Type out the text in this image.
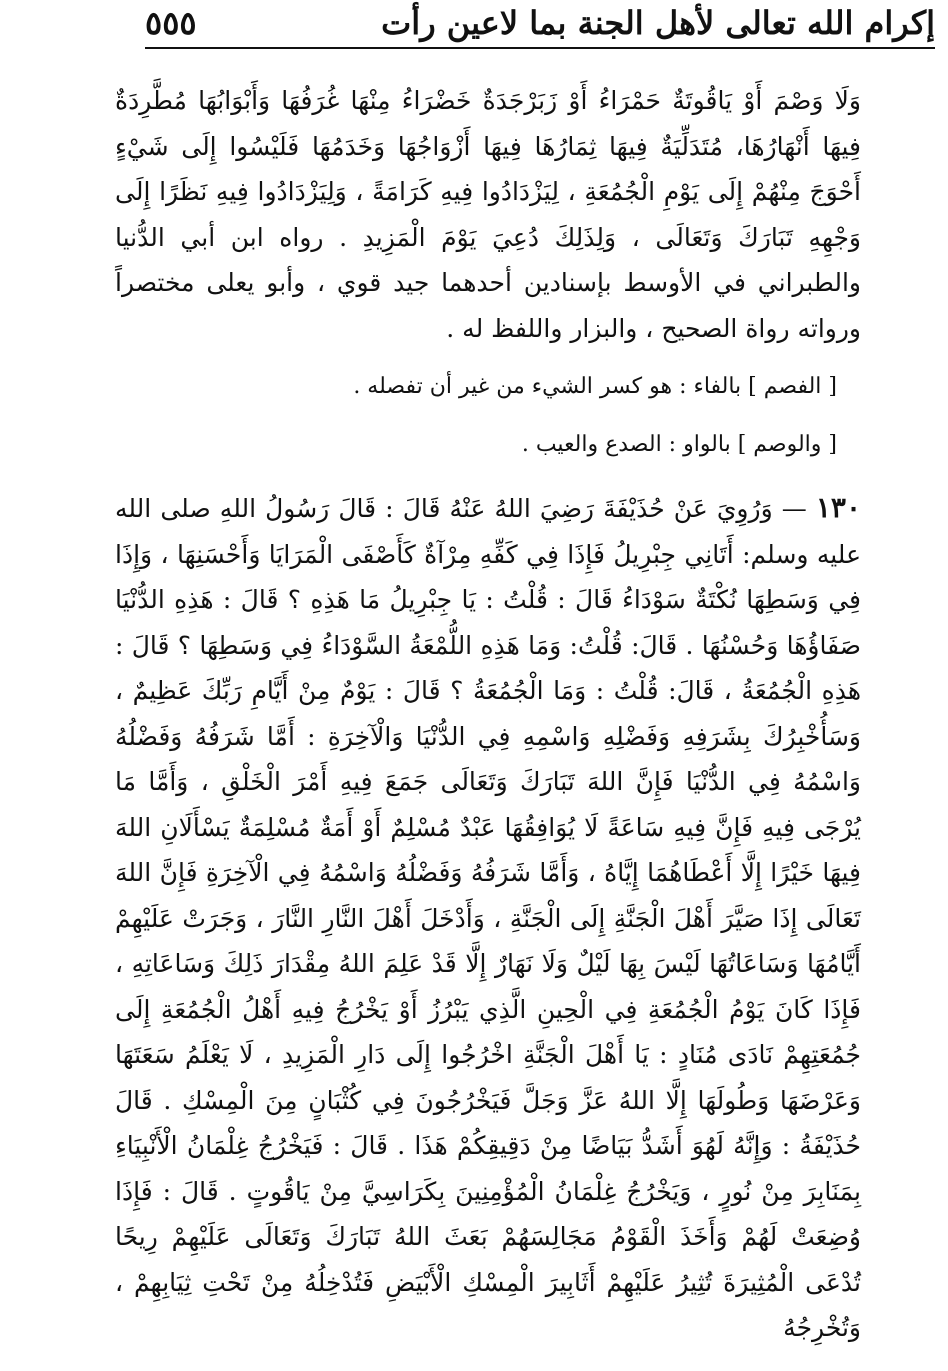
٥٥٥	إكرام الله تعالى لأهل الجنة بما لاعين رأت

وَلَا وَصْمَ أَوْ يَاقُوتَةٌ حَمْرَاءُ أَوْ زَبَرْجَدَةٌ خَضْرَاءُ مِنْهَا غُرَفُهَا وَأَبْوَابُهَا مُطَّرِدَةٌ فِيهَا أَنْهَارُهَا، مُتَدَلِّيَةٌ فِيهَا ثِمَارُهَا فِيهَا أَزْوَاجُهَا وَخَدَمُهَا فَلَيْسُوا إِلَى شَيْءٍ أَحْوَجَ مِنْهُمْ إِلَى يَوْمِ الْجُمُعَةِ ، لِيَزْدَادُوا فِيهِ كَرَامَةً ، وَلِيَزْدَادُوا فِيهِ نَظَرًا إِلَى وَجْهِهِ تَبَارَكَ وَتَعَالَى ، وَلِذَلِكَ دُعِيَ يَوْمَ الْمَزِيدِ . رواه ابن أبي الدُّنيا والطبراني في الأوسط بإسنادين أحدهما جيد قوي ، وأبو يعلى مختصراً ورواته رواة الصحيح ، والبزار واللفظ له .

[ الفصم ] بالفاء : هو كسر الشيء من غير أن تفصله .

[ والوصم ] بالواو : الصدع والعيب .

١٣٠ — وَرُوِيَ عَنْ حُذَيْفَةَ رَضِيَ اللهُ عَنْهُ قَالَ : قَالَ رَسُولُ اللهِ صلى الله عليه وسلم: أَتَانِي جِبْرِيلُ فَإِذَا فِي كَفِّهِ مِرْآةٌ كَأَصْفَى الْمَرَايَا وَأَحْسَنِهَا ، وَإِذَا فِي وَسَطِهَا نُكْتَةٌ سَوْدَاءُ قَالَ : قُلْتُ : يَا جِبْرِيلُ مَا هَذِهِ ؟ قَالَ : هَذِهِ الدُّنْيَا صَفَاؤُهَا وَحُسْنُهَا . قَالَ: قُلْتُ: وَمَا هَذِهِ اللُّمْعَةُ السَّوْدَاءُ فِي وَسَطِهَا ؟ قَالَ : هَذِهِ الْجُمُعَةُ ، قَالَ: قُلْتُ : وَمَا الْجُمُعَةُ ؟ قَالَ : يَوْمٌ مِنْ أَيَّامِ رَبِّكَ عَظِيمٌ ، وَسَأُخْبِرُكَ بِشَرَفِهِ وَفَضْلِهِ وَاسْمِهِ فِي الدُّنْيَا وَالْآخِرَةِ : أَمَّا شَرَفُهُ وَفَضْلُهُ وَاسْمُهُ فِي الدُّنْيَا فَإِنَّ اللهَ تَبَارَكَ وَتَعَالَى جَمَعَ فِيهِ أَمْرَ الْخَلْقِ ، وَأَمَّا مَا يُرْجَى فِيهِ فَإِنَّ فِيهِ سَاعَةً لَا يُوَافِقُهَا عَبْدٌ مُسْلِمٌ أَوْ أَمَةٌ مُسْلِمَةٌ يَسْأَلَانِ اللهَ فِيهَا خَيْرًا إِلَّا أَعْطَاهُمَا إِيَّاهُ ، وَأَمَّا شَرَفُهُ وَفَضْلُهُ وَاسْمُهُ فِي الْآخِرَةِ فَإِنَّ اللهَ تَعَالَى إِذَا صَيَّرَ أَهْلَ الْجَنَّةِ إِلَى الْجَنَّةِ ، وَأَدْخَلَ أَهْلَ النَّارِ النَّارَ ، وَجَرَتْ عَلَيْهِمْ أَيَّامُهَا وَسَاعَاتُهَا لَيْسَ بِهَا لَيْلٌ وَلَا نَهَارٌ إِلَّا قَدْ عَلِمَ اللهُ مِقْدَارَ ذَلِكَ وَسَاعَاتِهِ ، فَإِذَا كَانَ يَوْمُ الْجُمُعَةِ فِي الْحِينِ الَّذِي يَبْرُزُ أَوْ يَخْرُجُ فِيهِ أَهْلُ الْجُمُعَةِ إِلَى جُمُعَتِهِمْ نَادَى مُنَادٍ : يَا أَهْلَ الْجَنَّةِ اخْرُجُوا إِلَى دَارِ الْمَزِيدِ ، لَا يَعْلَمُ سَعَتَهَا وَعَرْضَهَا وَطُولَهَا إِلَّا اللهُ عَزَّ وَجَلَّ فَيَخْرُجُونَ فِي كُثْبَانٍ مِنَ الْمِسْكِ . قَالَ حُذَيْفَةُ : وَإِنَّهُ لَهُوَ أَشَدُّ بَيَاضًا مِنْ دَقِيقِكُمْ هَذَا . قَالَ : فَيَخْرُجُ غِلْمَانُ الْأَنْبِيَاءِ بِمَنَابِرَ مِنْ نُورٍ ، وَيَخْرُجُ غِلْمَانُ الْمُؤْمِنِينَ بِكَرَاسِيَّ مِنْ يَاقُوتٍ . قَالَ : فَإِذَا وُضِعَتْ لَهُمْ وَأَخَذَ الْقَوْمُ مَجَالِسَهُمْ بَعَثَ اللهُ تَبَارَكَ وَتَعَالَى عَلَيْهِمْ رِيحًا تُدْعَى الْمُثِيرَةَ تُثِيرُ عَلَيْهِمْ أَثَابِيرَ الْمِسْكِ الْأَبْيَضِ فَتُدْخِلُهُ مِنْ تَحْتِ ثِيَابِهِمْ ، وَتُخْرِجُهُ
